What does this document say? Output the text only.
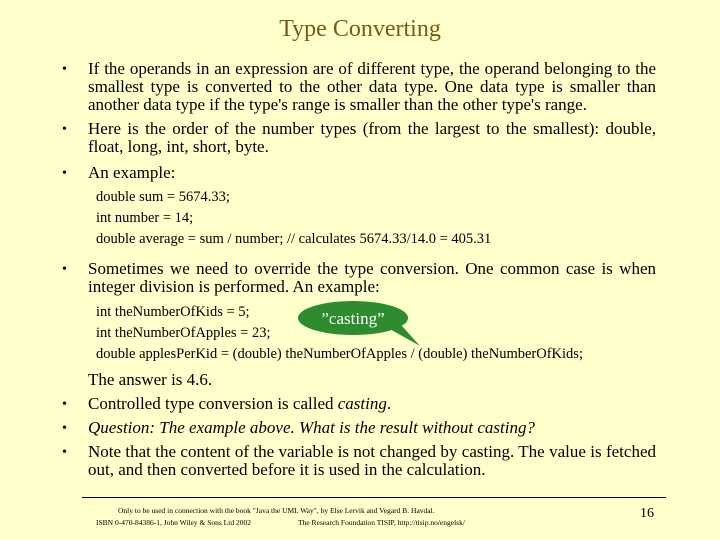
Type Converting
• If the operands in an expression are of different type, the operand belonging to the smallest type is converted to the other data type. One data type is smaller than another data type if the type's range is smaller than the other type's range.
• Here is the order of the number types (from the largest to the smallest): double, float, long, int, short, byte.
• An example:
double sum = 5674.33;
int number = 14;
double average = sum / number; // calculates 5674.33/14.0 = 405.31
• Sometimes we need to override the type conversion. One common case is when integer division is performed. An example:
int theNumberOfKids = 5;
int theNumberOfApples = 23;
double applesPerKid = (double) theNumberOfApples / (double) theNumberOfKids;
”casting”
The answer is 4.6.
• Controlled type conversion is called casting.
• Question: The example above. What is the result without casting?
• Note that the content of the variable is not changed by casting. The value is fetched out, and then converted before it is used in the calculation.
Only to be used in connection with the book "Java the UML Way", by Else Lervik and Vegard B. Havdal.
ISBN 0-470-84386-1, John Wiley & Sons Ltd 2002	The Research Foundation TISIP, http://tisip.no/engelsk/
16
